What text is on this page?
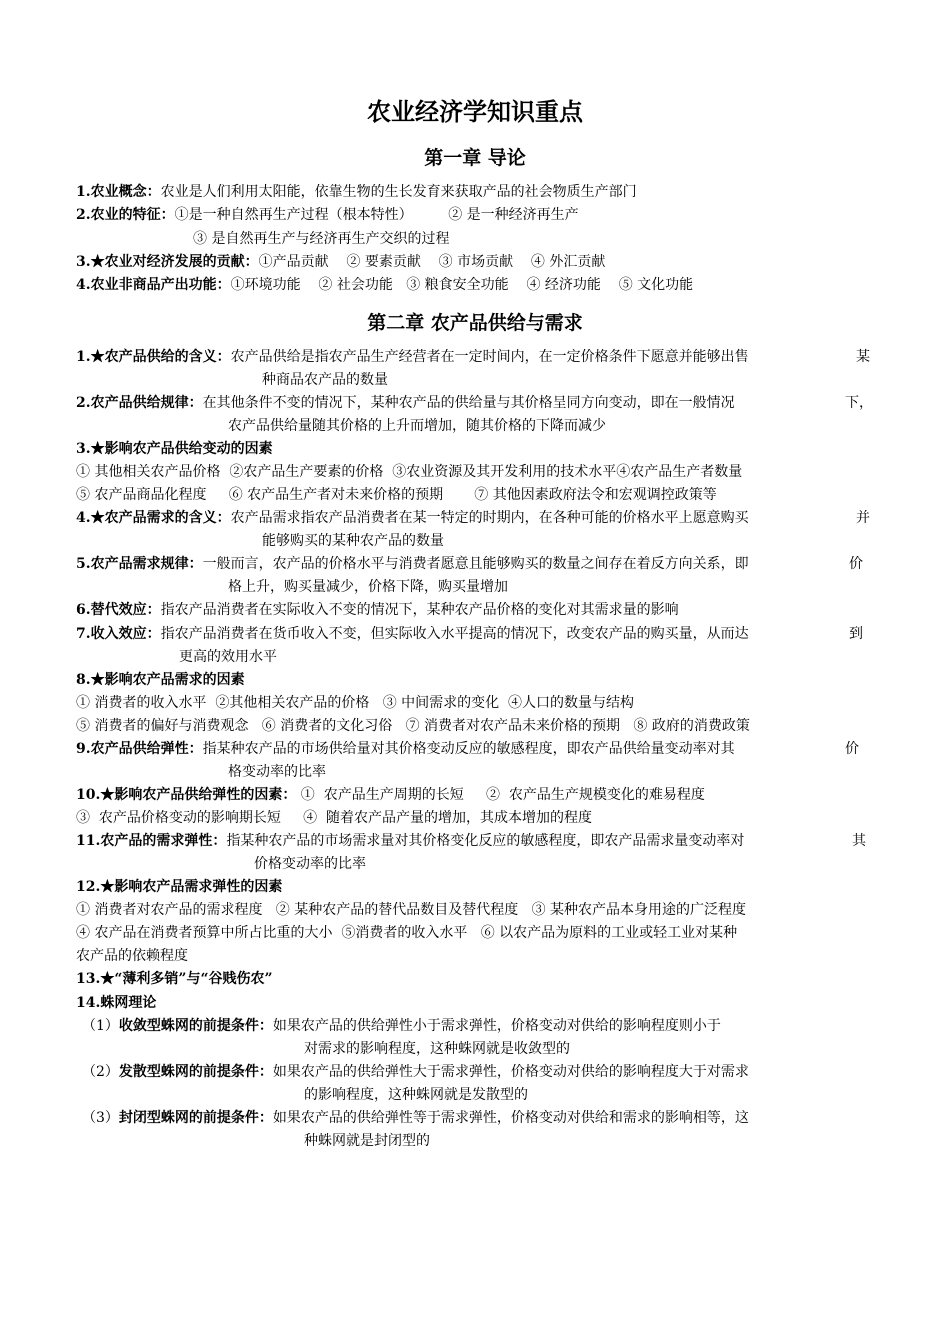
农业经济学知识重点
第一章 导论
1.农业概念：农业是人们利用太阳能，依靠生物的生长发育来获取产品的社会物质生产部门
2.农业的特征：①是一种自然再生产过程（根本特性）        ② 是一种经济再生产
③ 是自然再生产与经济再生产交织的过程
3.★农业对经济发展的贡献：①产品贡献    ② 要素贡献    ③ 市场贡献    ④ 外汇贡献
4.农业非商品产出功能：①环境功能    ② 社会功能   ③ 粮食安全功能    ④ 经济功能    ⑤ 文化功能
第二章 农产品供给与需求
1.★农产品供给的含义：农产品供给是指农产品生产经营者在一定时间内，在一定价格条件下愿意并能够出售	某
种商品农产品的数量
2.农产品供给规律：在其他条件不变的情况下，某种农产品的供给量与其价格呈同方向变动，即在一般情况	下，
农产品供给量随其价格的上升而增加，随其价格的下降而减少
3.★影响农产品供给变动的因素
① 其他相关农产品价格  ②农产品生产要素的价格  ③农业资源及其开发利用的技术水平④农产品生产者数量
⑤ 农产品商品化程度     ⑥ 农产品生产者对未来价格的预期       ⑦ 其他因素政府法令和宏观调控政策等
4.★农产品需求的含义：农产品需求指农产品消费者在某一特定的时期内，在各种可能的价格水平上愿意购买	并
能够购买的某种农产品的数量
5.农产品需求规律：一般而言，农产品的价格水平与消费者愿意且能够购买的数量之间存在着反方向关系，即	价
格上升，购买量减少，价格下降，购买量增加
6.替代效应：指农产品消费者在实际收入不变的情况下，某种农产品价格的变化对其需求量的影响
7.收入效应：指农产品消费者在货币收入不变，但实际收入水平提高的情况下，改变农产品的购买量，从而达	到
更高的效用水平
8.★影响农产品需求的因素
① 消费者的收入水平  ②其他相关农产品的价格   ③ 中间需求的变化  ④人口的数量与结构
⑤ 消费者的偏好与消费观念   ⑥ 消费者的文化习俗   ⑦ 消费者对农产品未来价格的预期   ⑧ 政府的消费政策
9.农产品供给弹性：指某种农产品的市场供给量对其价格变动反应的敏感程度，即农产品供给量变动率对其	价
格变动率的比率
10.★影响农产品供给弹性的因素： ①  农产品生产周期的长短     ②  农产品生产规模变化的难易程度
③  农产品价格变动的影响期长短     ④  随着农产品产量的增加，其成本增加的程度
11.农产品的需求弹性：指某种农产品的市场需求量对其价格变化反应的敏感程度，即农产品需求量变动率对	其
价格变动率的比率
12.★影响农产品需求弹性的因素
① 消费者对农产品的需求程度   ② 某种农产品的替代品数目及替代程度   ③ 某种农产品本身用途的广泛程度
④ 农产品在消费者预算中所占比重的大小  ⑤消费者的收入水平   ⑥ 以农产品为原料的工业或轻工业对某种
农产品的依赖程度
13.★“薄利多销”与“谷贱伤农”
14.蛛网理论
（1）收敛型蛛网的前提条件：如果农产品的供给弹性小于需求弹性，价格变动对供给的影响程度则小于
对需求的影响程度，这种蛛网就是收敛型的
（2）发散型蛛网的前提条件：如果农产品的供给弹性大于需求弹性，价格变动对供给的影响程度大于对需求
的影响程度，这种蛛网就是发散型的
（3）封闭型蛛网的前提条件：如果农产品的供给弹性等于需求弹性，价格变动对供给和需求的影响相等，这
种蛛网就是封闭型的
